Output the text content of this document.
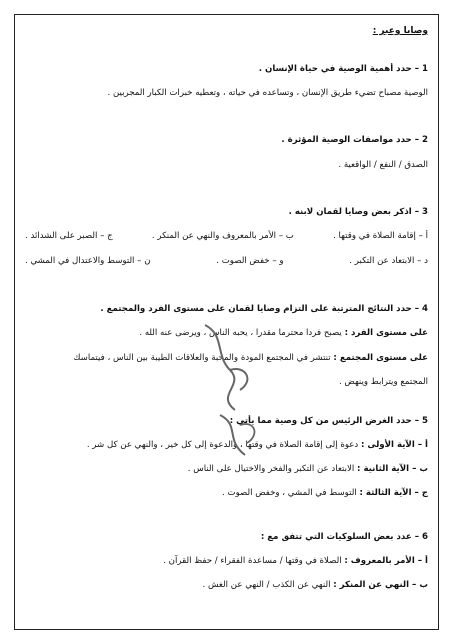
وصايا وعبر :
1 – حدد أهمية الوصية في حياة الإنسان .
الوصية مصباح تضيء طريق الإنسان ، وتساعده في حياته ، وتعطيه خبرات الكبار المجربين .
2 – حدد مواصفات الوصية المؤثرة .
الصدق / النفع / الواقعية .
3 – اذكر بعض وصايا لقمان لابنه .
أ – إقامة الصلاة في وقتها .
ب – الأمر بالمعروف والنهي عن المنكر .
ج – الصبر على الشدائد .
د – الابتعاد عن التكبر .
و – خفض الصوت .
ن – التوسط والاعتدال في المشي .
4 – حدد النتائج المترتبة على التزام وصايا لقمان على مستوى الفرد والمجتمع .
على مستوى الفرد : يصبح فردا محترما مقدرا ، يحبه الناس ، ويرضى عنه الله .
على مستوى المجتمع : تنتشر في المجتمع المودة والمحبة والعلاقات الطيبة بين الناس ، فيتماسك
المجتمع ويترابط وينهض .
5 – حدد الغرض الرئيس من كل وصية مما يأتي :
أ – الآية الأولى : دعوة إلى إقامة الصلاة في وقتها ، والدعوة إلى كل خير ، والنهي عن كل شر .
ب – الآية الثانية : الابتعاد عن التكبر والفخر والاختيال على الناس .
ج – الآية الثالثة : التوسط في المشي ، وخفض الصوت .
6 – عدد بعض السلوكيات التي تتفق مع :
أ – الأمر بالمعروف : الصلاة في وقتها / مساعدة الفقراء / حفظ القرآن .
ب – النهي عن المنكر : النهي عن الكذب / النهي عن الغش .
